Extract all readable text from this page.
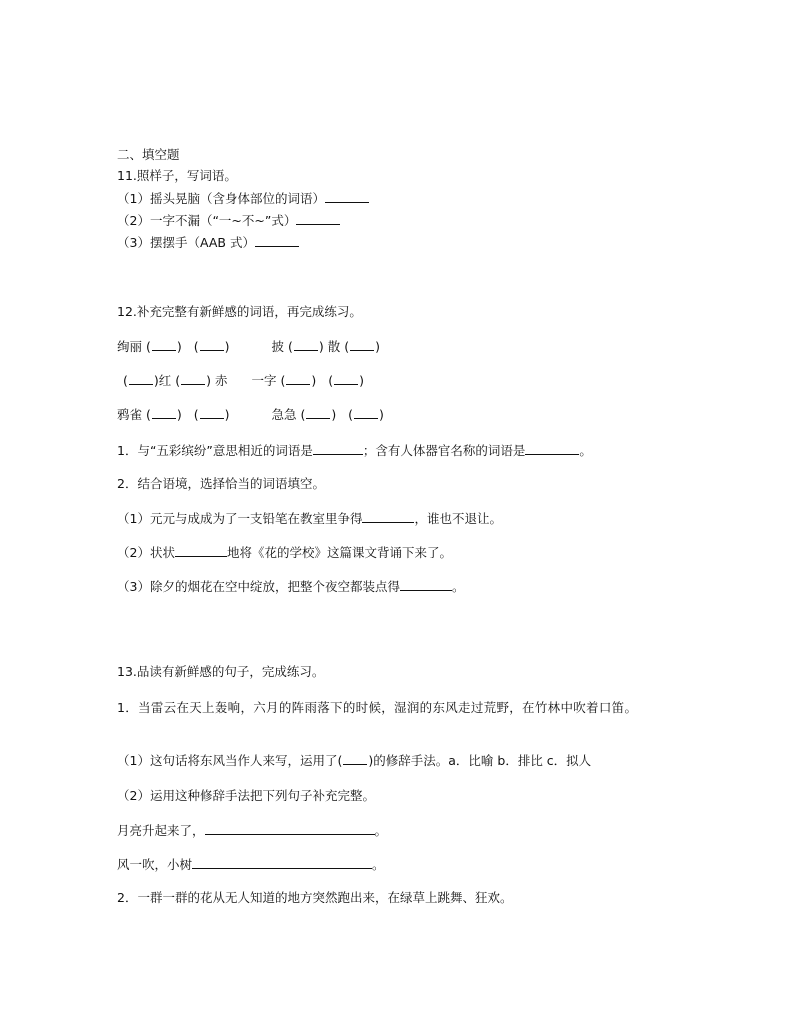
二、填空题
11.照样子，写词语。
（1）摇头晃脑（含身体部位的词语）
（2）一字不漏（“一~不~”式）
（3）摆摆手（AAB 式）
12.补充完整有新鲜感的词语，再完成练习。
绚丽 ( ) ( )	披 ( ) 散 ( )
( )红 ( ) 赤 一字 ( ) ( )
鸦雀 ( ) ( )	急急 ( ) ( )
1．与“五彩缤纷”意思相近的词语是	；含有人体器官名称的词语是	。
2．结合语境，选择恰当的词语填空。
（1）元元与成成为了一支铅笔在教室里争得	，谁也不退让。
（2）状状	地将《花的学校》这篇课文背诵下来了。
（3）除夕的烟花在空中绽放，把整个夜空都装点得	。
13.品读有新鲜感的句子，完成练习。
1．当雷云在天上轰响，六月的阵雨落下的时候，湿润的东风走过荒野，在竹林中吹着口笛。
（1）这句话将东风当作人来写，运用了( )的修辞手法。a．比喻 b．排比 c．拟人
（2）运用这种修辞手法把下列句子补充完整。
月亮升起来了，	。
风一吹，小树	。
2．一群一群的花从无人知道的地方突然跑出来，在绿草上跳舞、狂欢。
